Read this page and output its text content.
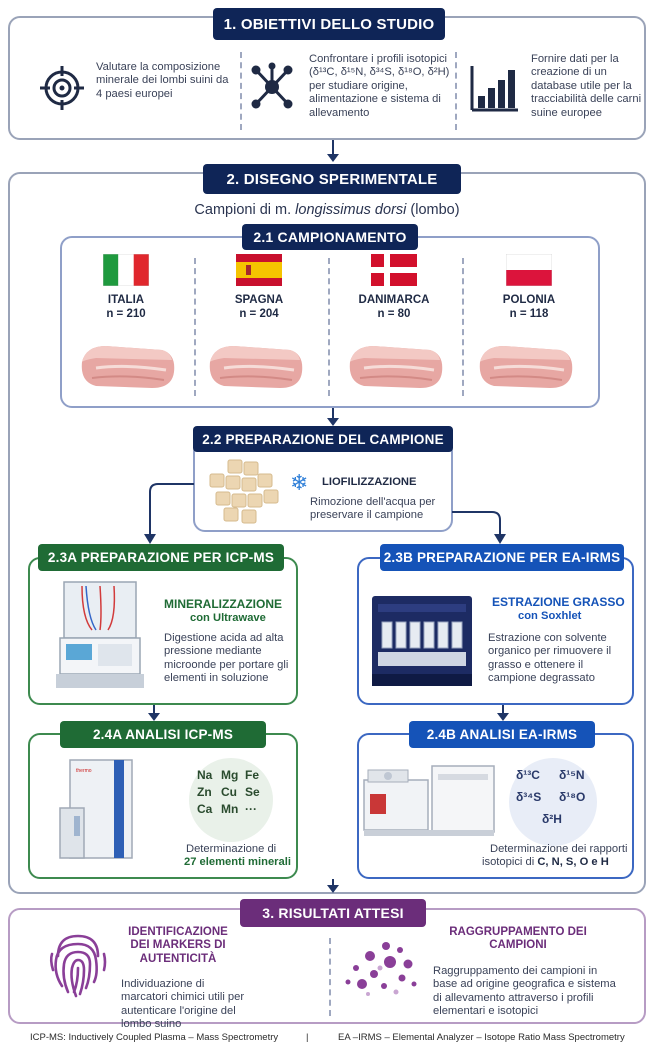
1. OBIETTIVI DELLO STUDIO
Valutare la composizione minerale dei lombi suini da 4 paesi europei
Confrontare i profili isotopici (δ¹³C, δ¹⁵N, δ³⁴S, δ¹⁸O, δ²H) per studiare origine, alimentazione e sistema di allevamento
Fornire dati per la creazione di un database utile per la tracciabilità delle carni suine europee
2. DISEGNO SPERIMENTALE
Campioni di m. longissimus dorsi (lombo)
2.1 CAMPIONAMENTO
ITALIA
n = 210
SPAGNA
n = 204
DANIMARCA
n = 80
POLONIA
n = 118
2.2 PREPARAZIONE DEL CAMPIONE
❄ LIOFILIZZAZIONE
Rimozione dell'acqua per preservare il campione
2.3A PREPARAZIONE PER ICP-MS
MINERALIZZAZIONE
con Ultrawave
Digestione acida ad alta pressione mediante microonde per portare gli elementi in soluzione
2.3B PREPARAZIONE PER EA-IRMS
ESTRAZIONE GRASSO
con Soxhlet
Estrazione con solvente organico per rimuovere il grasso e ottenere il campione degrassato
2.4A ANALISI ICP-MS
thermo	Na Mg Fe
Zn Cu Se
Ca Mn ···
Determinazione di
27 elementi minerali
2.4B ANALISI EA-IRMS
δ¹³C δ¹⁵N
δ³⁴S δ¹⁸O
δ²H
Determinazione dei rapporti
isotopici di C, N, S, O e H
3. RISULTATI ATTESI
IDENTIFICAZIONE DEI MARKERS DI AUTENTICITÀ
Individuazione di marcatori chimici utili per autenticare l'origine del lombo suino
RAGGRUPPAMENTO DEI CAMPIONI
Raggruppamento dei campioni in base ad origine geografica e sistema di allevamento attraverso i profili elementari e isotopici
ICP-MS: Inductively Coupled Plasma – Mass Spectrometry	|	EA –IRMS – Elemental Analyzer – Isotope Ratio Mass Spectrometry
